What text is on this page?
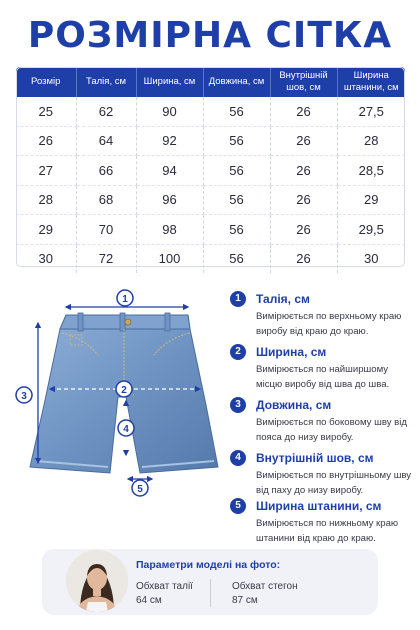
РОЗМІРНА СІТКА
Розмір	Талія, см	Ширина, см	Довжина, см	Внутрішній шов, см	Ширина штанини, см
25	62	90	56	26	27,5
26	64	92	56	26	28
27	66	94	56	26	28,5
28	68	96	56	26	29
29	70	98	56	26	29,5
30	72	100	56	26	30
1
2
3
4
5
1	Талія, см
Вимірюється по верхньому краю виробу від краю до краю.
2	Ширина, см
Вимірюється по найширшому місцю виробу від шва до шва.
3	Довжина, см
Вимірюється по боковому шву від пояса до низу виробу.
4	Внутрішній шов, см
Вимірюється по внутрішньому шву від паху до низу виробу.
5	Ширина штанини, см
Вимірюється по нижньому краю штанини від краю до краю.
Параметри моделі на фото:
Обхват талії
64 см
Обхват стегон
87 см
